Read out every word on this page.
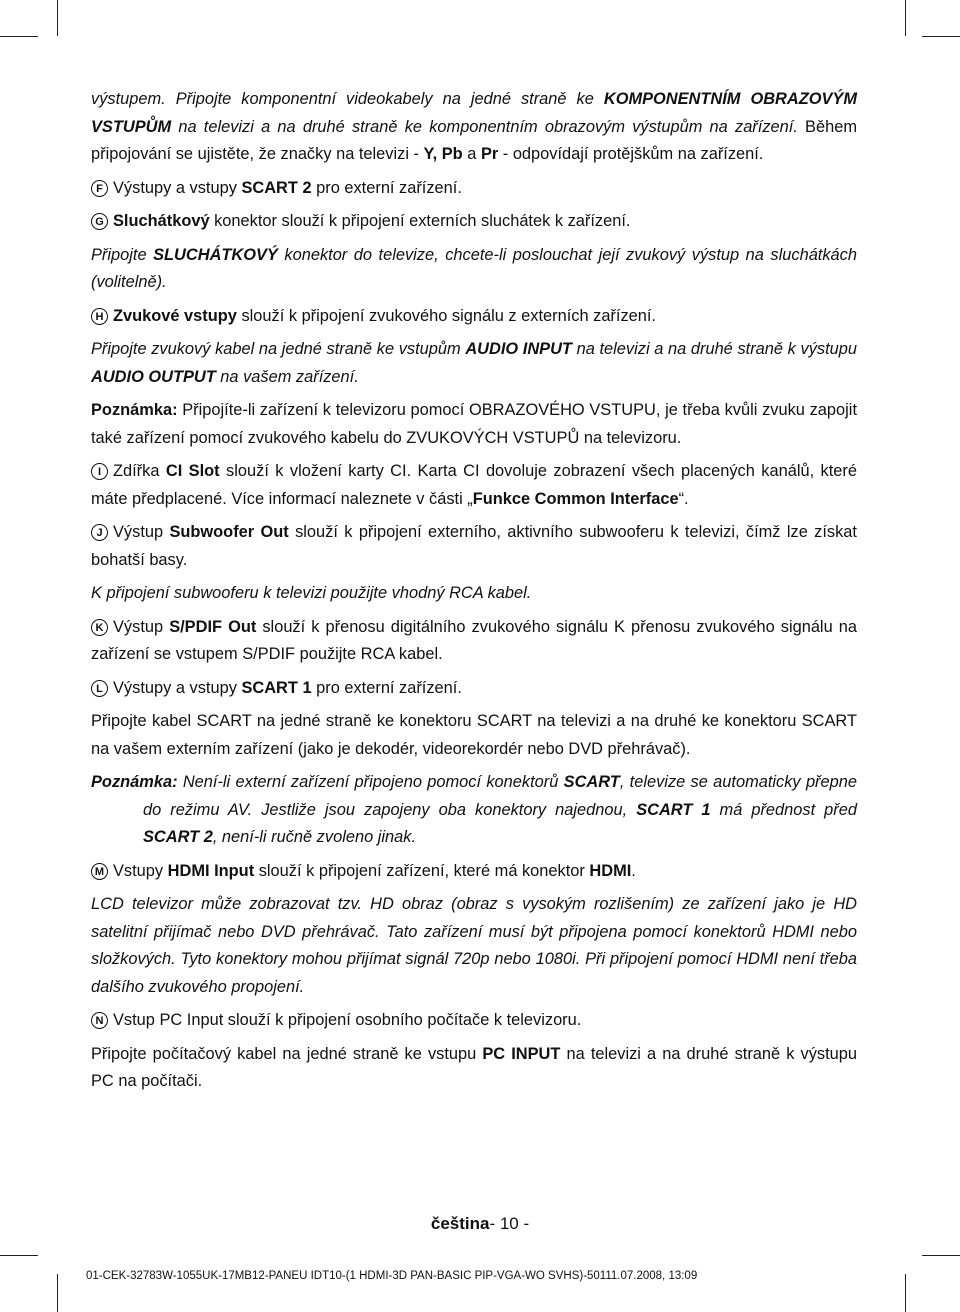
výstupem. Připojte komponentní videokabely na jedné straně ke KOMPONENTNÍM OBRAZOVÝM VSTUPŮM na televizi a na druhé straně ke komponentním obrazovým výstupům na zařízení. Během připojování se ujistěte, že značky na televizi - Y, Pb a Pr - odpovídají protějškům na zařízení.

F Výstupy a vstupy SCART 2 pro externí zařízení.

G Sluchátkový konektor slouží k připojení externích sluchátek k zařízení.

Připojte SLUCHÁTKOVÝ konektor do televize, chcete-li poslouchat její zvukový výstup na sluchátkách (volitelně).

H Zvukové vstupy slouží k připojení zvukového signálu z externích zařízení.

Připojte zvukový kabel na jedné straně ke vstupům AUDIO INPUT na televizi a na druhé straně k výstupu AUDIO OUTPUT na vašem zařízení.

Poznámka: Připojíte-li zařízení k televizoru pomocí OBRAZOVÉHO VSTUPU, je třeba kvůli zvuku zapojit také zařízení pomocí zvukového kabelu do ZVUKOVÝCH VSTUPŮ na televizoru.

I Zdířka CI Slot slouží k vložení karty CI. Karta CI dovoluje zobrazení všech placených kanálů, které máte předplacené. Více informací naleznete v části „Funkce Common Interface“.

J Výstup Subwoofer Out slouží k připojení externího, aktivního subwooferu k televizi, čímž lze získat bohatší basy.

K připojení subwooferu k televizi použijte vhodný RCA kabel.

K Výstup S/PDIF Out slouží k přenosu digitálního zvukového signálu K přenosu zvukového signálu na zařízení se vstupem S/PDIF použijte RCA kabel.

L Výstupy a vstupy SCART 1 pro externí zařízení.

Připojte kabel SCART na jedné straně ke konektoru SCART na televizi a na druhé ke konektoru SCART na vašem externím zařízení (jako je dekodér, videorekordér nebo DVD přehrávač).

Poznámka: Není-li externí zařízení připojeno pomocí konektorů SCART, televize se automaticky přepne do režimu AV. Jestliže jsou zapojeny oba konektory najednou, SCART 1 má přednost před SCART 2, není-li ručně zvoleno jinak.

M Vstupy HDMI Input slouží k připojení zařízení, které má konektor HDMI.

LCD televizor může zobrazovat tzv. HD obraz (obraz s vysokým rozlišením) ze zařízení jako je HD satelitní přijímač nebo DVD přehrávač. Tato zařízení musí být připojena pomocí konektorů HDMI nebo složkových. Tyto konektory mohou přijímat signál 720p nebo 1080i. Při připojení pomocí HDMI není třeba dalšího zvukového propojení.

N Vstup PC Input slouží k připojení osobního počítače k televizoru.

Připojte počítačový kabel na jedné straně ke vstupu PC INPUT na televizi a na druhé straně k výstupu PC na počítači.

čeština- 10 -
01-CEK-32783W-1055UK-17MB12-PANEU IDT10-(1 HDMI-3D PAN-BASIC PIP-VGA-WO SVHS)-50111.07.2008, 13:09
